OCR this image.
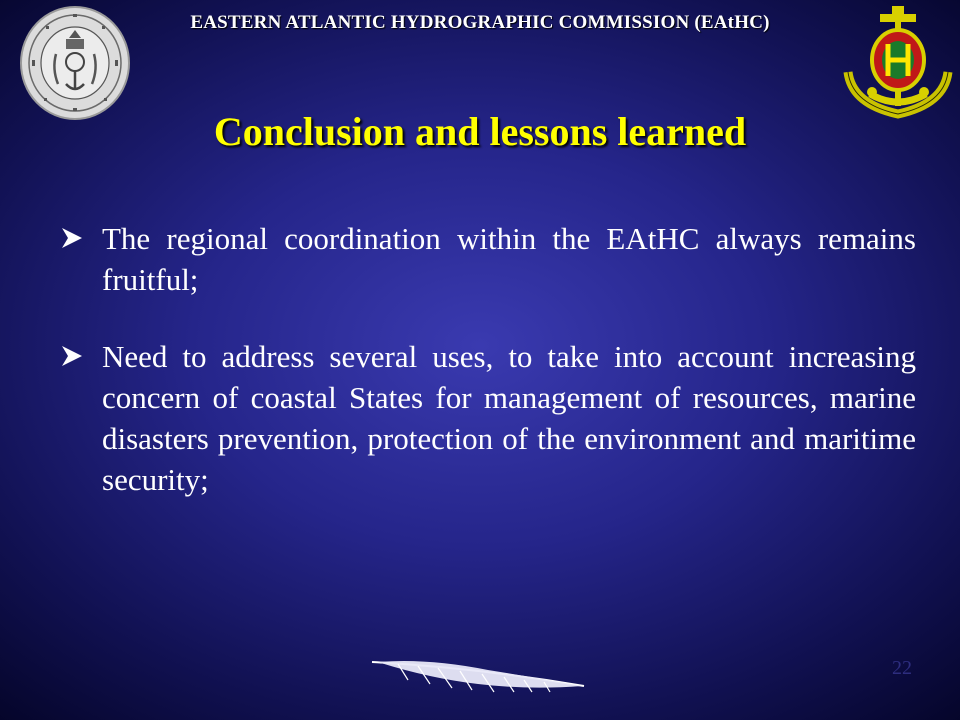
EASTERN ATLANTIC HYDROGRAPHIC COMMISSION (EAtHC)
Conclusion and lessons learned
The regional coordination within the EAtHC always remains fruitful;
Need to address several uses, to take into account increasing concern of coastal States for management of resources, marine disasters prevention, protection of the environment and maritime security;
22
